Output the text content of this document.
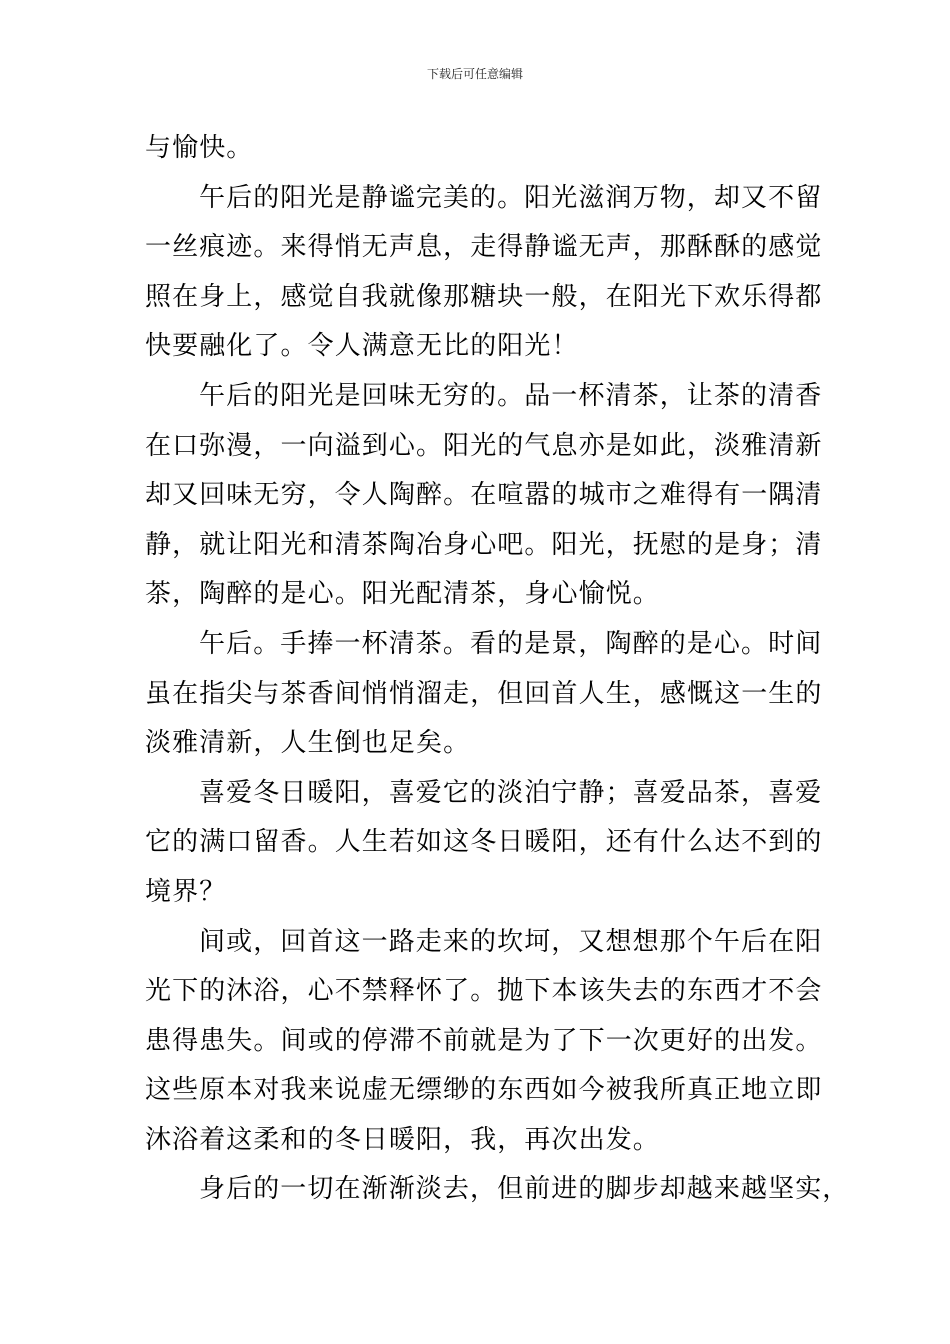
下载后可任意编辑
与愉快。
午后的阳光是静谧完美的。阳光滋润万物，却又不留
一丝痕迹。来得悄无声息，走得静谧无声，那酥酥的感觉
照在身上，感觉自我就像那糖块一般，在阳光下欢乐得都
快要融化了。令人满意无比的阳光！
午后的阳光是回味无穷的。品一杯清茶，让茶的清香
在口弥漫，一向溢到心。阳光的气息亦是如此，淡雅清新
却又回味无穷，令人陶醉。在喧嚣的城市之难得有一隅清
静，就让阳光和清茶陶冶身心吧。阳光，抚慰的是身；清
茶，陶醉的是心。阳光配清茶，身心愉悦。
午后。手捧一杯清茶。看的是景，陶醉的是心。时间
虽在指尖与茶香间悄悄溜走，但回首人生，感慨这一生的
淡雅清新，人生倒也足矣。
喜爱冬日暖阳，喜爱它的淡泊宁静；喜爱品茶，喜爱
它的满口留香。人生若如这冬日暖阳，还有什么达不到的
境界？
间或，回首这一路走来的坎坷，又想想那个午后在阳
光下的沐浴，心不禁释怀了。抛下本该失去的东西才不会
患得患失。间或的停滞不前就是为了下一次更好的出发。
这些原本对我来说虚无缥缈的东西如今被我所真正地立即
沐浴着这柔和的冬日暖阳，我，再次出发。
身后的一切在渐渐淡去，但前进的脚步却越来越坚实，
